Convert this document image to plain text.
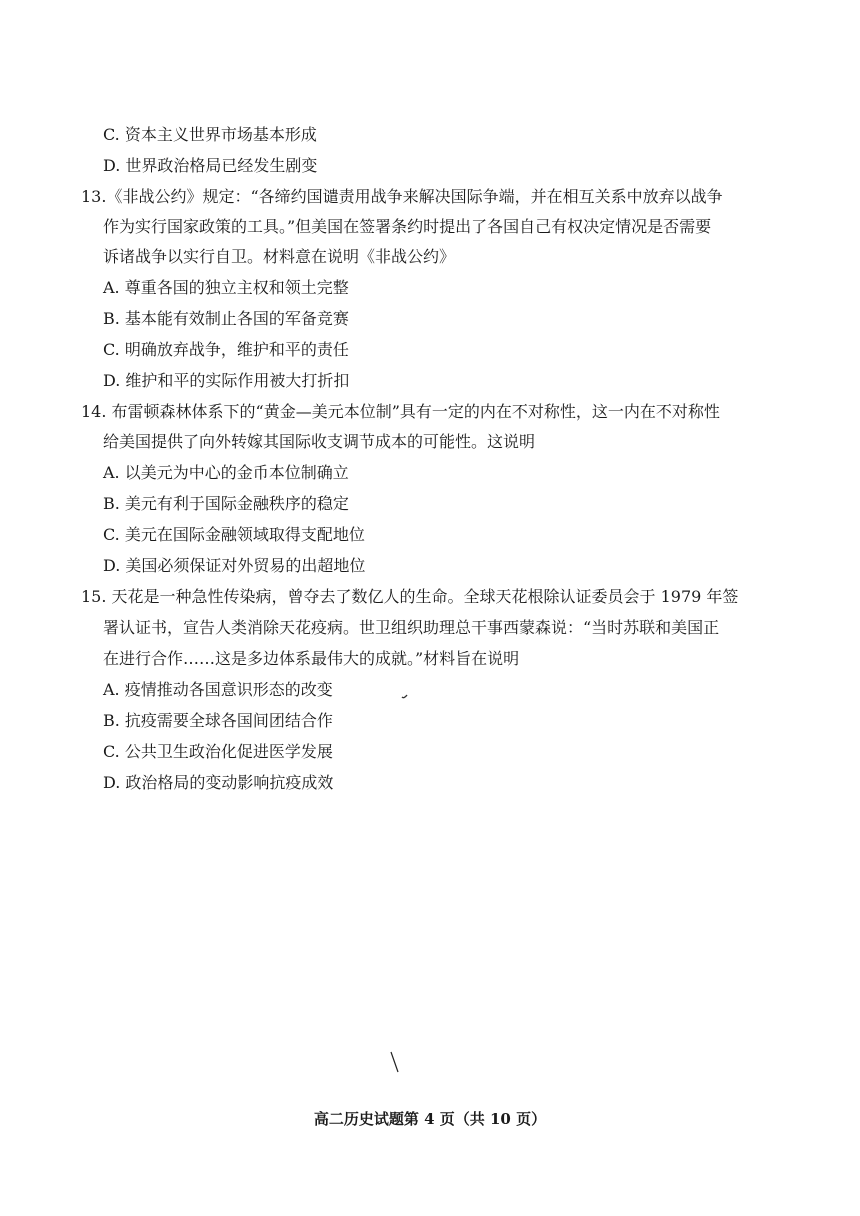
C. 资本主义世界市场基本形成
D. 世界政治格局已经发生剧变
13.《非战公约》规定：“各缔约国谴责用战争来解决国际争端，并在相互关系中放弃以战争
作为实行国家政策的工具。”但美国在签署条约时提出了各国自己有权决定情况是否需要
诉诸战争以实行自卫。材料意在说明《非战公约》
A. 尊重各国的独立主权和领土完整
B. 基本能有效制止各国的军备竞赛
C. 明确放弃战争，维护和平的责任
D. 维护和平的实际作用被大打折扣
14. 布雷顿森林体系下的“黄金—美元本位制”具有一定的内在不对称性，这一内在不对称性
给美国提供了向外转嫁其国际收支调节成本的可能性。这说明
A. 以美元为中心的金币本位制确立
B. 美元有利于国际金融秩序的稳定
C. 美元在国际金融领域取得支配地位
D. 美国必须保证对外贸易的出超地位
15. 天花是一种急性传染病，曾夺去了数亿人的生命。全球天花根除认证委员会于 1979 年签
署认证书，宣告人类消除天花疫病。世卫组织助理总干事西蒙森说：“当时苏联和美国正
在进行合作……这是多边体系最伟大的成就。”材料旨在说明
A. 疫情推动各国意识形态的改变
B. 抗疫需要全球各国间团结合作
C. 公共卫生政治化促进医学发展
D. 政治格局的变动影响抗疫成效
高二历史试题第 4 页（共 10 页）
